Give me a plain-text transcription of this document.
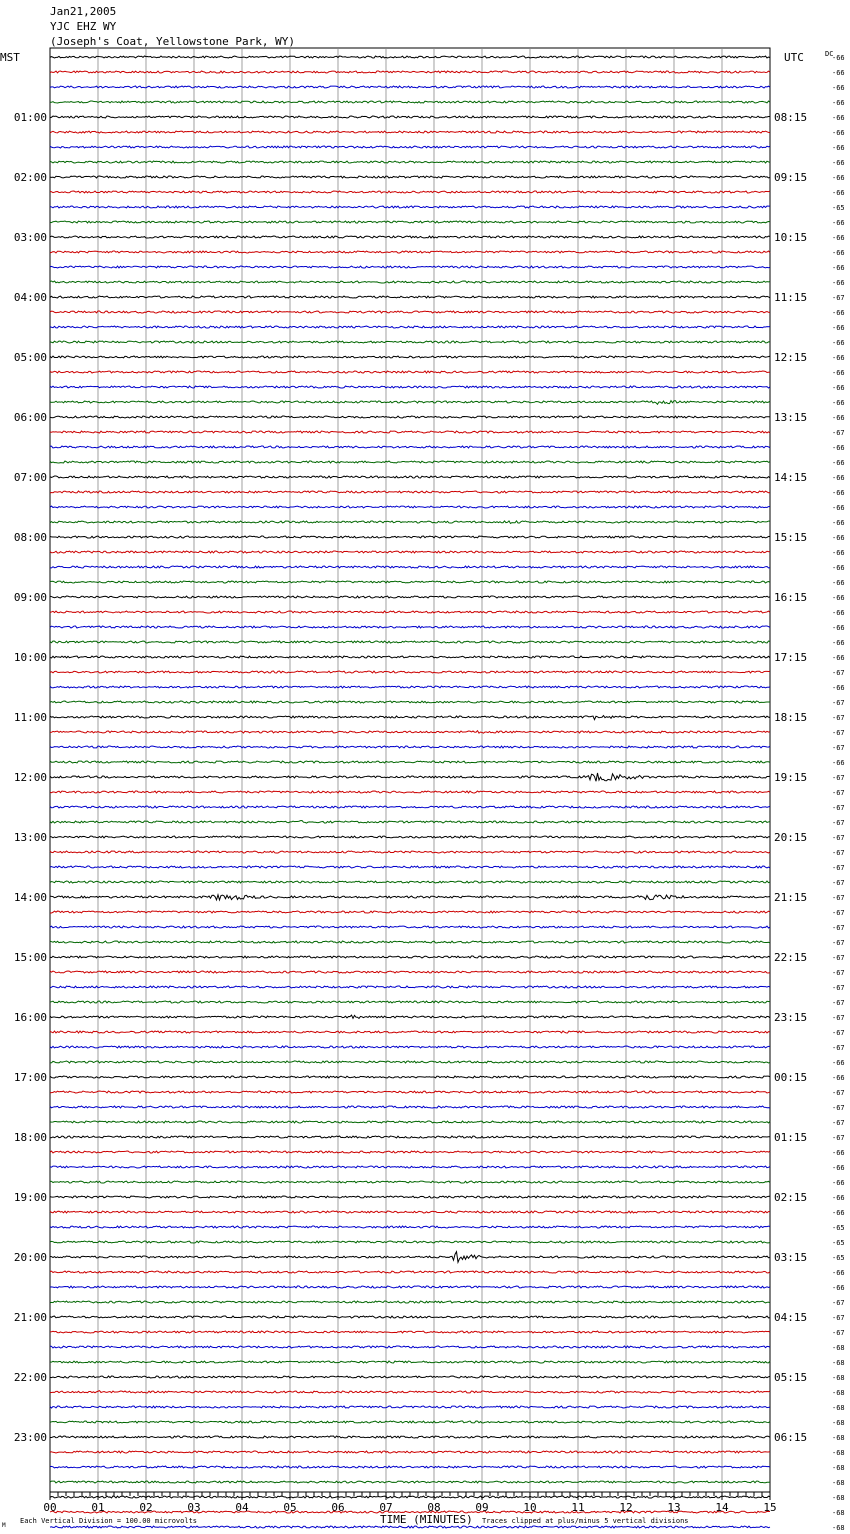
Jan21,2005
YJC EHZ WY
(Joseph's Coat, Yellowstone Park, WY)
00	01	02	03	04	05	06	07	08	09	10	11	12	13	14	15
-66
-66
-66
-66
01:00	08:15	-66
-66
-66
-66
02:00	09:15	-66
-66
-65
-66
03:00	10:15	-66
-66
-66
-66
04:00	11:15	-67
-66
-66
-66
05:00	12:15	-66
-66
-66
-66
06:00	13:15	-66
-67
-66
-66
07:00	14:15	-66
-66
-66
-66
08:00	15:15	-66
-66
-66
-66
09:00	16:15	-66
-66
-66
-66
10:00	17:15	-66
-67
-66
-67
11:00	18:15	-67
-67
-67
-66
12:00	19:15	-67
-67
-67
-67
13:00	20:15	-67
-67
-67
-67
14:00	21:15	-67
-67
-67
-67
15:00	22:15	-67
-67
-67
-67
16:00	23:15	-67
-67
-67
-66
17:00	00:15	-66
-67
-67
-67
18:00	01:15	-67
-66
-66
-66
19:00	02:15	-66
-66
-65
-65
20:00	03:15	-65
-66
-66
-67
21:00	04:15	-67
-67
-68
-68
22:00	05:15	-68
-68
-68
-68
23:00	06:15	-68
-68
-68
-68
-68
-68
-68
MST	UTC	DC
TIME (MINUTES)
Each Vertical Division = 100.00 microvolts	Traces clipped at plus/minus 5 vertical divisions
M
